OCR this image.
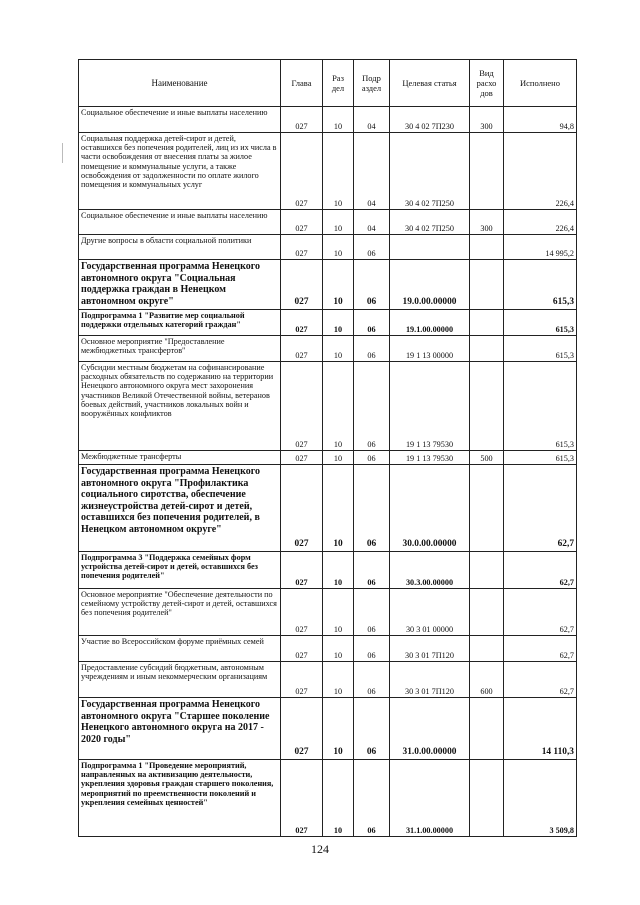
Наименование	Глава	Раз дел	Подр аздел	Целевая статья	Вид расхо дов	Исполнено
Социальное обеспечение и иные выплаты населению	027	10	04	30 4 02 7П230	300	94,8
Социальная поддержка детей-сирот и детей, оставшихся без попечения родителей, лиц из их числа в части освобождения от внесения платы за жилое помещение и коммунальные услуги, а также освобождения от задолженности по оплате жилого помещения и коммунальных услуг	027	10	04	30 4 02 7П250		226,4
Социальное обеспечение и иные выплаты населению	027	10	04	30 4 02 7П250	300	226,4
Другие вопросы в области социальной политики	027	10	06			14 995,2
Государственная программа Ненецкого автономного округа "Социальная поддержка граждан в Ненецком автономном округе"	027	10	06	19.0.00.00000		615,3
Подпрограмма 1 "Развитие мер социальной поддержки отдельных категорий граждан"	027	10	06	19.1.00.00000		615,3
Основное мероприятие "Предоставление межбюджетных трансфертов"	027	10	06	19 1 13 00000		615,3
Субсидии местным бюджетам на софинансирование расходных обязательств по содержанию на территории Ненецкого автономного округа мест захоронения участников Великой Отечественной войны, ветеранов боевых действий, участников локальных войн и вооружённых конфликтов	027	10	06	19 1 13 79530		615,3
Межбюджетные трансферты	027	10	06	19 1 13 79530	500	615,3
Государственная программа Ненецкого автономного округа "Профилактика социального сиротства, обеспечение жизнеустройства детей-сирот и детей, оставшихся без попечения родителей, в Ненецком автономном округе"	027	10	06	30.0.00.00000		62,7
Подпрограмма 3 "Поддержка семейных форм устройства детей-сирот и детей, оставшихся без попечения родителей"	027	10	06	30.3.00.00000		62,7
Основное мероприятие "Обеспечение деятельности по семейному устройству детей-сирот и детей, оставшихся без попечения родителей"	027	10	06	30 3 01 00000		62,7
Участие во Всероссийском форуме приёмных семей	027	10	06	30 3 01 7П120		62,7
Предоставление субсидий бюджетным, автономным учреждениям и иным некоммерческим организациям	027	10	06	30 3 01 7П120	600	62,7
Государственная программа Ненецкого автономного округа "Старшее поколение Ненецкого автономного округа на 2017 - 2020 годы"	027	10	06	31.0.00.00000		14 110,3
Подпрограмма 1 "Проведение мероприятий, направленных на активизацию деятельности, укрепления здоровья граждан старшего поколения, мероприятий по преемственности поколений и укрепления семейных ценностей"	027	10	06	31.1.00.00000		3 509,8
124
